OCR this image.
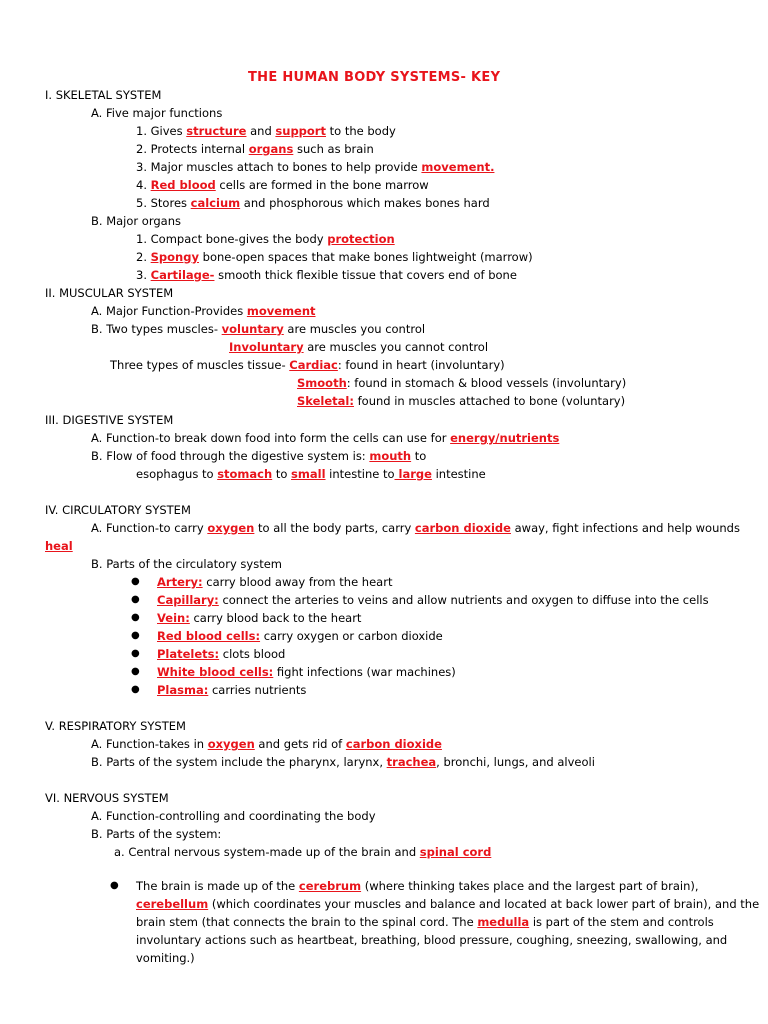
THE HUMAN BODY SYSTEMS- KEY
I. SKELETAL SYSTEM
A. Five major functions
1. Gives structure and support to the body
2. Protects internal organs such as brain
3. Major muscles attach to bones to help provide movement.
4. Red blood cells are formed in the bone marrow
5. Stores calcium and phosphorous which makes bones hard
B. Major organs
1. Compact bone-gives the body protection
2. Spongy bone-open spaces that make bones lightweight (marrow)
3. Cartilage- smooth thick flexible tissue that covers end of bone
II. MUSCULAR SYSTEM
A. Major Function-Provides movement
B. Two types muscles- voluntary are muscles you control
Involuntary are muscles you cannot control
Three types of muscles tissue- Cardiac: found in heart (involuntary)
Smooth: found in stomach & blood vessels (involuntary)
Skeletal: found in muscles attached to bone (voluntary)
III. DIGESTIVE SYSTEM
A. Function-to break down food into form the cells can use for energy/nutrients
B. Flow of food through the digestive system is: mouth to
esophagus to stomach to small intestine to large intestine
IV. CIRCULATORY SYSTEM
A. Function-to carry oxygen to all the body parts, carry carbon dioxide away, fight infections and help wounds
heal
B. Parts of the circulatory system
● Artery: carry blood away from the heart
● Capillary: connect the arteries to veins and allow nutrients and oxygen to diffuse into the cells
● Vein: carry blood back to the heart
● Red blood cells: carry oxygen or carbon dioxide
● Platelets: clots blood
● White blood cells: fight infections (war machines)
● Plasma: carries nutrients
V. RESPIRATORY SYSTEM
A. Function-takes in oxygen and gets rid of carbon dioxide
B. Parts of the system include the pharynx, larynx, trachea, bronchi, lungs, and alveoli
VI. NERVOUS SYSTEM
A. Function-controlling and coordinating the body
B. Parts of the system:
a. Central nervous system-made up of the brain and spinal cord
● The brain is made up of the cerebrum (where thinking takes place and the largest part of brain),
cerebellum (which coordinates your muscles and balance and located at back lower part of brain), and the
brain stem (that connects the brain to the spinal cord. The medulla is part of the stem and controls
involuntary actions such as heartbeat, breathing, blood pressure, coughing, sneezing, swallowing, and
vomiting.)
